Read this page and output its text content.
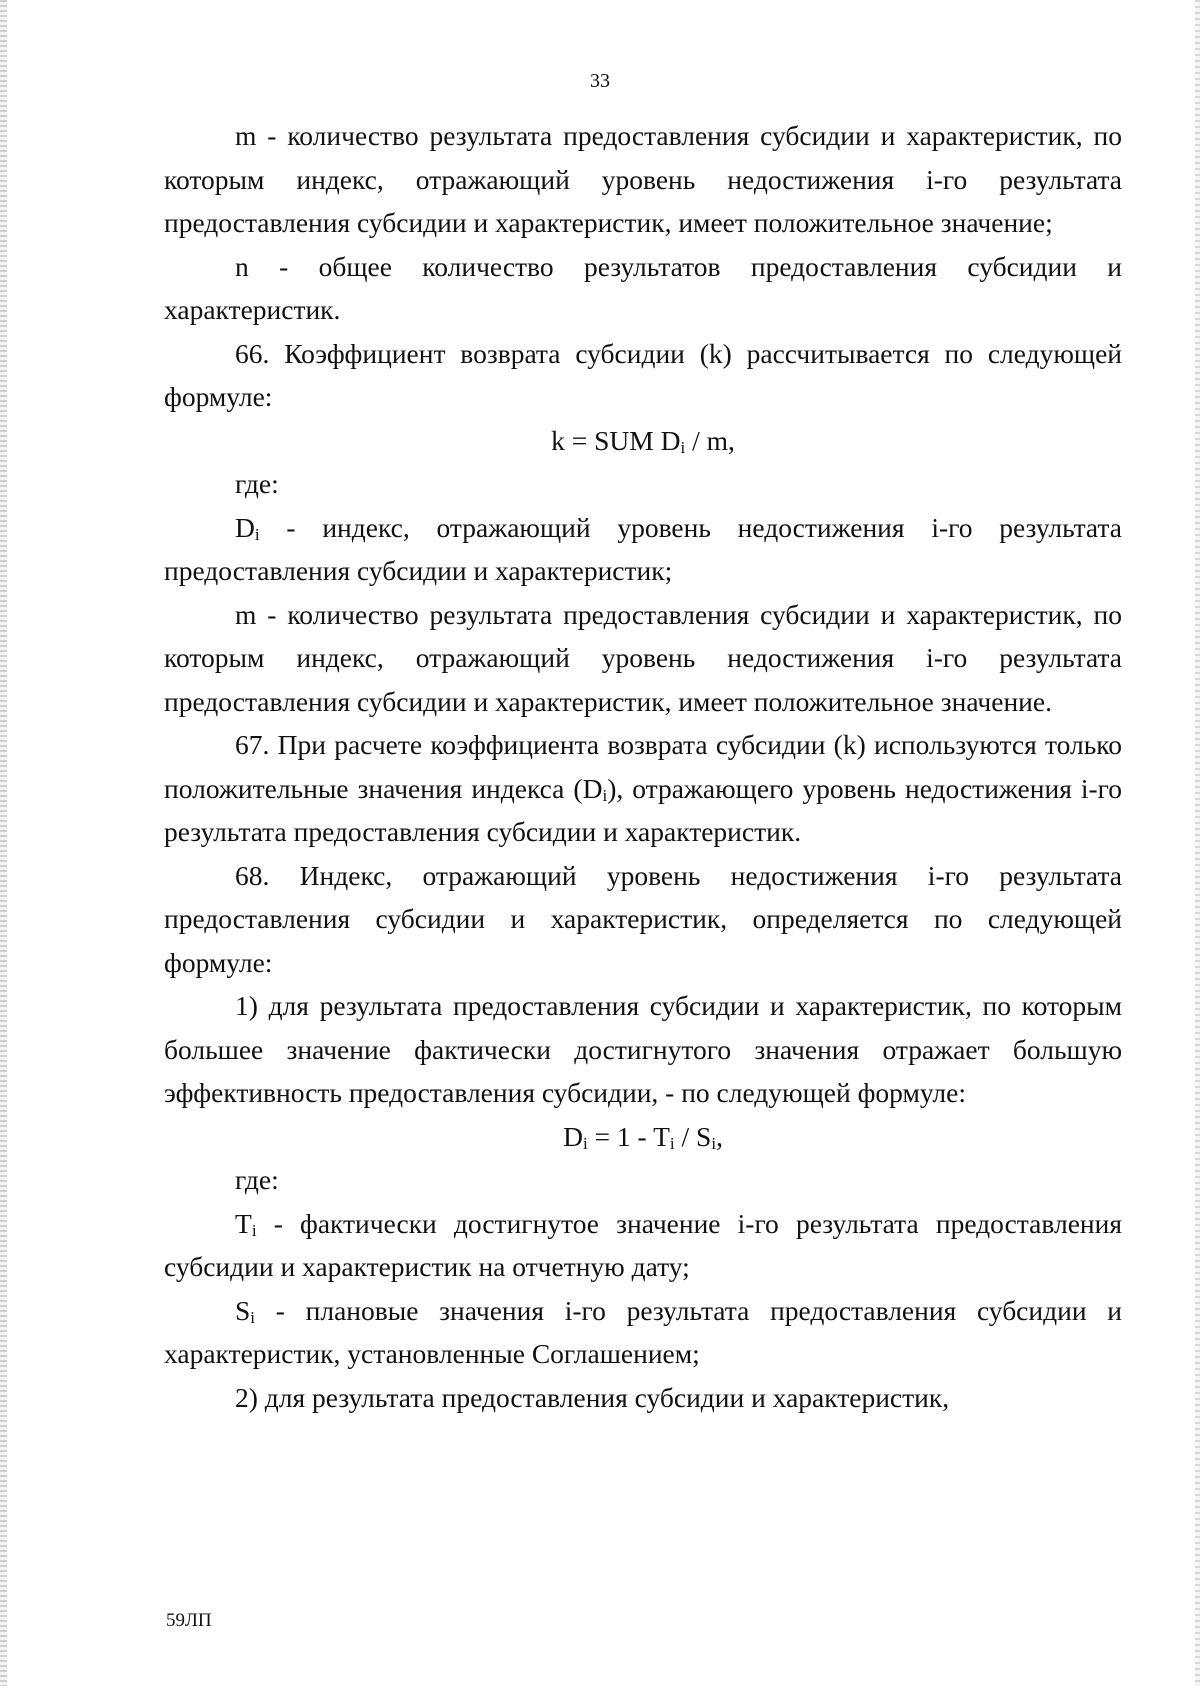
33

m - количество результата предоставления субсидии и характеристик, по которым индекс, отражающий уровень недостижения i-го результата предоставления субсидии и характеристик, имеет положительное значение;

n - общее количество результатов предоставления субсидии и характеристик.

66. Коэффициент возврата субсидии (k) рассчитывается по следующей формуле:

k = SUM $D_i$ / m,

где:

$D_i$ - индекс, отражающий уровень недостижения i-го результата предоставления субсидии и характеристик;

m - количество результата предоставления субсидии и характеристик, по которым индекс, отражающий уровень недостижения i-го результата предоставления субсидии и характеристик, имеет положительное значение.

67. При расчете коэффициента возврата субсидии (k) используются только положительные значения индекса $(D_i)$, отражающего уровень недостижения i-го результата предоставления субсидии и характеристик.

68. Индекс, отражающий уровень недостижения i-го результата предоставления субсидии и характеристик, определяется по следующей формуле:

1) для результата предоставления субсидии и характеристик, по которым большее значение фактически достигнутого значения отражает большую эффективность предоставления субсидии, - по следующей формуле:

$D_i = 1 - T_i / S_i$,

где:

$T_i$ - фактически достигнутое значение i-го результата предоставления субсидии и характеристик на отчетную дату;

$S_i$ - плановые значения i-го результата предоставления субсидии и характеристик, установленные Соглашением;

2) для результата предоставления субсидии и характеристик,

59ЛП
